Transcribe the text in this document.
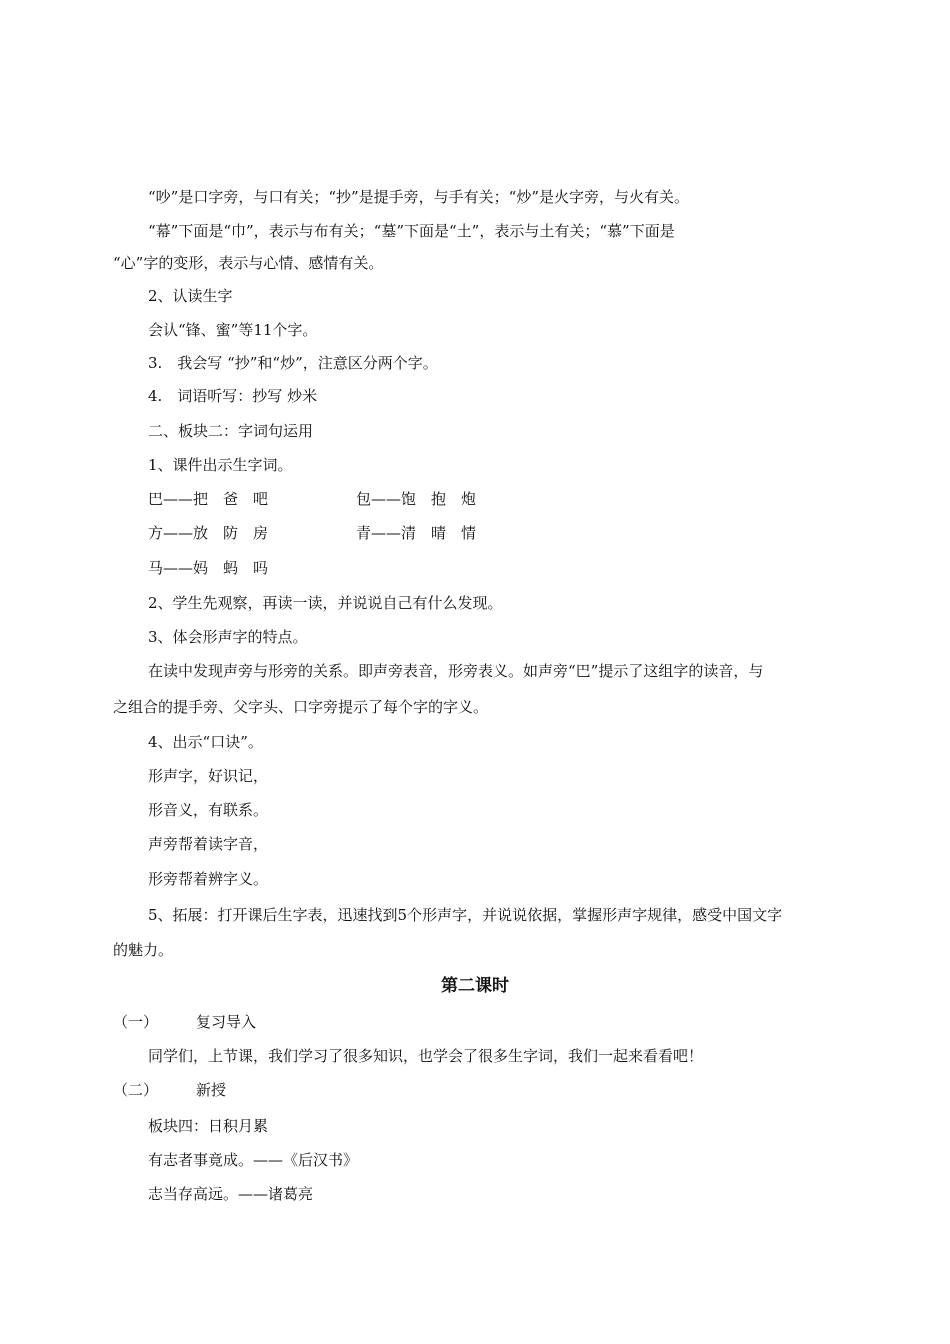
“吵”是口字旁，与口有关；“抄”是提手旁，与手有关；“炒”是火字旁，与火有关。
“幕”下面是“巾”，表示与布有关；“墓”下面是“土”，表示与土有关；“慕”下面是
“心”字的变形，表示与心情、感情有关。
2、认读生字
会认“锋、蜜”等11个字。
3.　我会写 “抄”和“炒”，注意区分两个字。
4.　词语听写：抄写 炒米
二、板块二：字词句运用
1、课件出示生字词。
巴——把　爸　吧	包——饱　抱　炮
方——放　防　房	青——清　晴　情
马——妈　蚂　吗
2、学生先观察，再读一读，并说说自己有什么发现。
3、体会形声字的特点。
在读中发现声旁与形旁的关系。即声旁表音，形旁表义。如声旁“巴”提示了这组字的读音，与
之组合的提手旁、父字头、口字旁提示了每个字的字义。
4、出示“口诀”。
形声字，好识记，
形音义，有联系。
声旁帮着读字音，
形旁帮着辨字义。
5、拓展：打开课后生字表，迅速找到5个形声字，并说说依据，掌握形声字规律，感受中国文字
的魅力。
第二课时
（一）	复习导入
同学们，上节课，我们学习了很多知识，也学会了很多生字词，我们一起来看看吧！
（二）	新授
板块四：日积月累
有志者事竟成。——《后汉书》
志当存高远。——诸葛亮
